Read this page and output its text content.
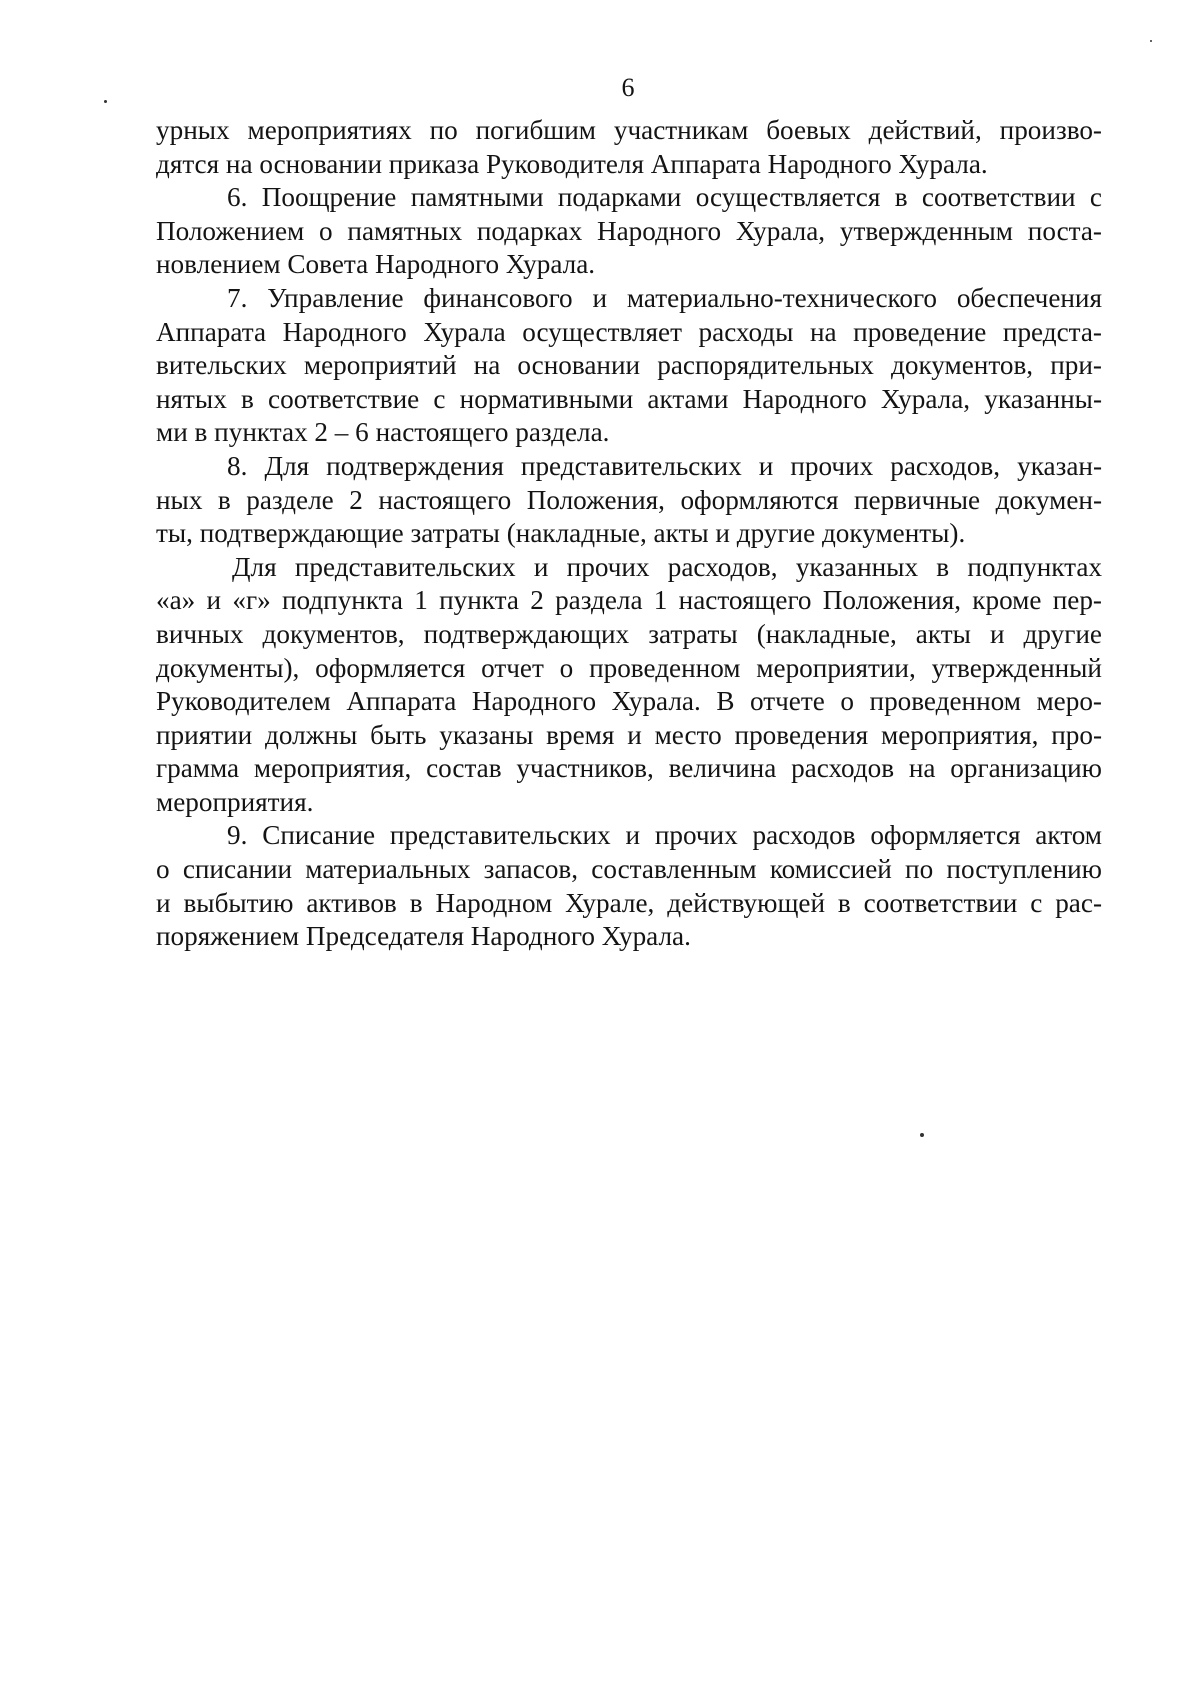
6
урных мероприятиях по погибшим участникам боевых действий, произво-
дятся на основании приказа Руководителя Аппарата Народного Хурала.
6. Поощрение памятными подарками осуществляется в соответствии с
Положением о памятных подарках Народного Хурала, утвержденным поста-
новлением Совета Народного Хурала.
7. Управление финансового и материально-технического обеспечения
Аппарата Народного Хурала осуществляет расходы на проведение предста-
вительских мероприятий на основании распорядительных документов, при-
нятых в соответствие с нормативными актами Народного Хурала, указанны-
ми в пунктах 2 – 6 настоящего раздела.
8. Для подтверждения представительских и прочих расходов, указан-
ных в разделе 2 настоящего Положения, оформляются первичные докумен-
ты, подтверждающие затраты (накладные, акты и другие документы).
Для представительских и прочих расходов, указанных в подпунктах
«а» и «г» подпункта 1 пункта 2 раздела 1 настоящего Положения, кроме пер-
вичных документов, подтверждающих затраты (накладные, акты и другие
документы), оформляется отчет о проведенном мероприятии, утвержденный
Руководителем Аппарата Народного Хурала. В отчете о проведенном меро-
приятии должны быть указаны время и место проведения мероприятия, про-
грамма мероприятия, состав участников, величина расходов на организацию
мероприятия.
9. Списание представительских и прочих расходов оформляется актом
о списании материальных запасов, составленным комиссией по поступлению
и выбытию активов в Народном Хурале, действующей в соответствии с рас-
поряжением Председателя Народного Хурала.
